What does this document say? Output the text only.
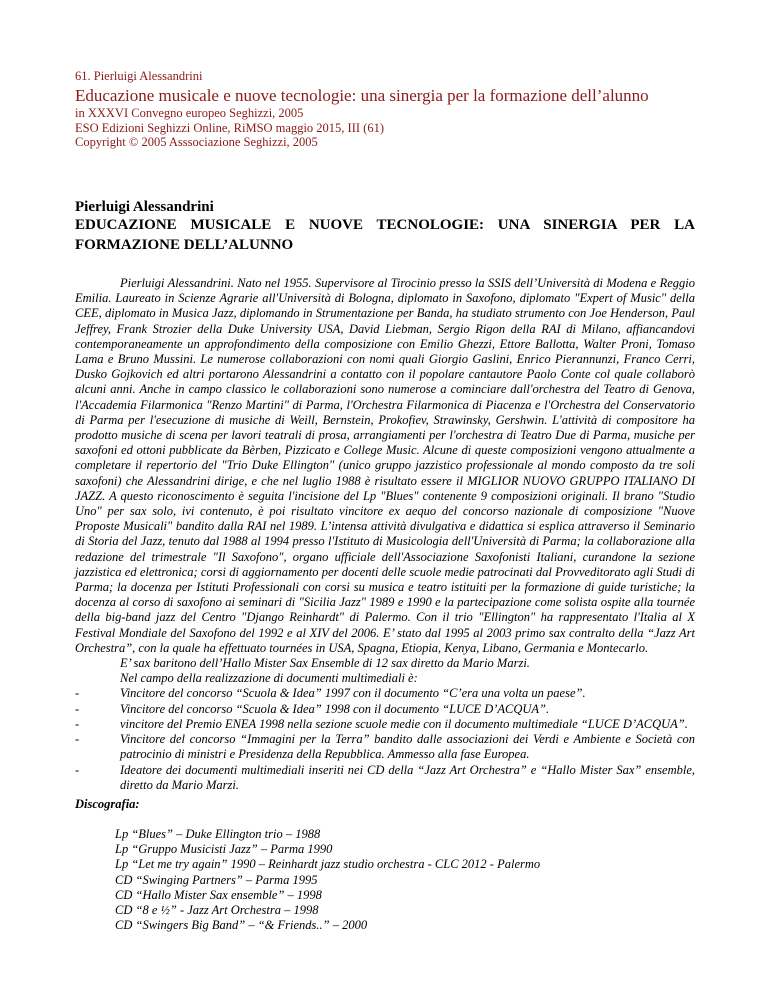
61. Pierluigi Alessandrini
Educazione musicale e nuove tecnologie: una sinergia per la formazione dell’alunno
in XXXVI Convegno europeo Seghizzi, 2005
ESO Edizioni Seghizzi Online, RiMSO maggio 2015, III (61)
Copyright © 2005 Asssociazione Seghizzi, 2005
Pierluigi Alessandrini
EDUCAZIONE MUSICALE E NUOVE TECNOLOGIE: UNA SINERGIA PER LA
FORMAZIONE DELL’ALUNNO

Pierluigi Alessandrini. Nato nel 1955. Supervisore al Tirocinio presso la SSIS dell’Università di Modena e Reggio Emilia. Laureato in Scienze Agrarie all'Università di Bologna, diplomato in Saxofono, diplomato "Expert of Music" della CEE, diplomato in Musica Jazz, diplomando in Strumentazione per Banda, ha studiato strumento con Joe Henderson, Paul Jeffrey, Frank Strozier della Duke University USA, David Liebman, Sergio Rigon della RAI di Milano, affiancandovi contemporaneamente un approfondimento della composizione con Emilio Ghezzi, Ettore Ballotta, Walter Proni, Tomaso Lama e Bruno Mussini. Le numerose collaborazioni con nomi quali Giorgio Gaslini, Enrico Pierannunzi, Franco Cerri, Dusko Gojkovich ed altri portarono Alessandrini a contatto con il popolare cantautore Paolo Conte col quale collaborò alcuni anni. Anche in campo classico le collaborazioni sono numerose a cominciare dall'orchestra del Teatro di Genova, l'Accademia Filarmonica "Renzo Martini" di Parma, l'Orchestra Filarmonica di Piacenza e l'Orchestra del Conservatorio di Parma per l'esecuzione di musiche di Weill, Bernstein, Prokofiev, Strawinsky, Gershwin. L'attività di compositore ha prodotto musiche di scena per lavori teatrali di prosa, arrangiamenti per l'orchestra di Teatro Due di Parma, musiche per saxofoni ed ottoni pubblicate da Bèrben, Pizzicato e College Music. Alcune di queste composizioni vengono attualmente a completare il repertorio del "Trio Duke Ellington" (unico gruppo jazzistico professionale al mondo composto da tre soli saxofoni) che Alessandrini dirige, e che nel luglio 1988 è risultato essere il MIGLIOR NUOVO GRUPPO ITALIANO DI JAZZ. A questo riconoscimento è seguita l'incisione del Lp "Blues" contenente 9 composizioni originali. Il brano "Studio Uno" per sax solo, ivi contenuto, è poi risultato vincitore ex aequo del concorso nazionale di composizione "Nuove Proposte Musicali" bandito dalla RAI nel 1989. L’intensa attività divulgativa e didattica si esplica attraverso il Seminario di Storia del Jazz, tenuto dal 1988 al 1994 presso l'Istituto di Musicologia dell'Università di Parma; la collaborazione alla redazione del trimestrale "Il Saxofono", organo ufficiale dell'Associazione Saxofonisti Italiani, curandone la sezione jazzistica ed elettronica; corsi di aggiornamento per docenti delle scuole medie patrocinati dal Provveditorato agli Studi di Parma; la docenza per Istituti Professionali con corsi su musica e teatro istituiti per la formazione di guide turistiche; la docenza al corso di saxofono ai seminari di "Sicilia Jazz" 1989 e 1990 e la partecipazione come solista ospite alla tournée della big-band jazz del Centro "Django Reinhardt" di Palermo. Con il trio "Ellington" ha rappresentato l'Italia al X Festival Mondiale del Saxofono del 1992 e al XIV del 2006. E’ stato dal 1995 al 2003 primo sax contralto della “Jazz Art Orchestra”, con la quale ha effettuato tournées in USA, Spagna, Etiopia, Kenya, Libano, Germania e Montecarlo.

E’ sax baritono dell’Hallo Mister Sax Ensemble di 12 sax diretto da Mario Marzi.
Nel campo della realizzazione di documenti multimediali è:
-	Vincitore del concorso “Scuola & Idea” 1997 con il documento “C’era una volta un paese”.
-	Vincitore del concorso “Scuola & Idea” 1998 con il documento “LUCE D’ACQUA”.
-	vincitore del Premio ENEA 1998 nella sezione scuole medie con il documento multimediale “LUCE D’ACQUA”.
-	Vincitore del concorso “Immagini per la Terra” bandito dalle associazioni dei Verdi e Ambiente e Società con patrocinio di ministri e Presidenza della Repubblica. Ammesso alla fase Europea.
-	Ideatore dei documenti multimediali inseriti nei CD della “Jazz Art Orchestra” e “Hallo Mister Sax” ensemble, diretto da Mario Marzi.
Discografia:
Lp “Blues” – Duke Ellington trio – 1988
Lp “Gruppo Musicisti Jazz” – Parma 1990
Lp “Let me try again” 1990 – Reinhardt jazz studio orchestra - CLC 2012 - Palermo
CD “Swinging Partners” – Parma 1995
CD “Hallo Mister Sax ensemble” – 1998
CD “8 e ½” - Jazz Art Orchestra – 1998
CD “Swingers Big Band” – “& Friends..” – 2000
